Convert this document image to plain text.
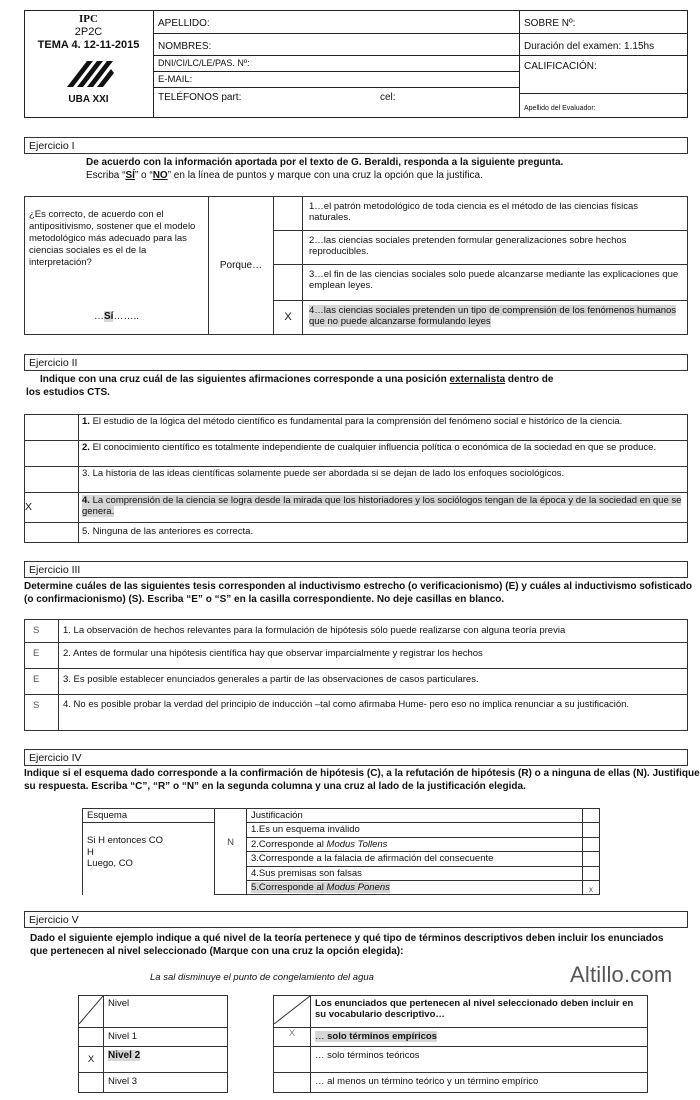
IPC
2P2C
TEMA 4. 12-11-2015
UBA XXI
APELLIDO:
NOMBRES:
DNI/CI/LC/LE/PAS. Nº:
E-MAIL:
TELÉFONOS part:	cel:
SOBRE Nº:
Duración del examen: 1.15hs
CALIFICACIÓN:
Apellido del Evaluador:
Ejercicio I
De acuerdo con la información aportada por el texto de G. Beraldi, responda a la siguiente pregunta.
Escriba “SÍ” o “NO” en la línea de puntos y marque con una cruz la opción que la justifica.
¿Es correcto, de acuerdo con el antipositivismo, sostener que el modelo metodológico más adecuado para las ciencias sociales es el de la interpretación?	Porque…		1…el patrón metodológico de toda ciencia es el método de las ciencias físicas naturales.
			2…las ciencias sociales pretenden formular generalizaciones sobre hechos reproducibles.
			3…el fin de las ciencias sociales solo puede alcanzarse mediante las explicaciones que emplean leyes.
…Sí……..		X	4…las ciencias sociales pretenden un tipo de comprensión de los fenómenos humanos que no puede alcanzarse formulando leyes
Ejercicio II
Indique con una cruz cuál de las siguientes afirmaciones corresponde a una posición externalista dentro de
los estudios CTS.
	1. El estudio de la lógica del método científico es fundamental para la comprensión del fenómeno social e histórico de la ciencia.
	2. El conocimiento científico es totalmente independiente de cualquier influencia política o económica de la sociedad en que se produce.
	3. La historia de las ideas científicas solamente puede ser abordada si se dejan de lado los enfoques sociológicos.
X	4. La comprensión de la ciencia se logra desde la mirada que los historiadores y los sociólogos tengan de la época y de la sociedad en que se genera.
	5. Ninguna de las anteriores es correcta.
Ejercicio III
Determine cuáles de las siguientes tesis corresponden al inductivismo estrecho (o verificacionismo) (E) y cuáles al inductivismo sofisticado (o confirmacionismo) (S). Escriba “E” o “S” en la casilla correspondiente. No deje casillas en blanco.
S	1. La observación de hechos relevantes para la formulación de hipótesis sólo puede realizarse con alguna teoría previa
E	2. Antes de formular una hipótesis científica hay que observar imparcialmente y registrar los hechos
E	3. Es posible establecer enunciados generales a partir de las observaciones de casos particulares.
S	4. No es posible probar la verdad del principio de inducción –tal como afirmaba Hume- pero eso no implica renunciar a su justificación.
Ejercicio IV
Indique si el esquema dado corresponde a la confirmación de hipótesis (C), a la refutación de hipótesis (R) o a ninguna de ellas (N). Justifique su respuesta. Escriba “C”, “R” o “N” en la segunda columna y una cruz al lado de la justificación elegida.
Esquema		Justificación	

Si H entonces CO
H
Luego, CO	N	1.Es un esquema inválido	
		2.Corresponde al Modus Tollens	
		3.Corresponde a la falacia de afirmación del consecuente	
		4.Sus premisas son falsas	
		5.Corresponde al Modus Ponens	x
Ejercicio V
Dado el siguiente ejemplo indique a qué nivel de la teoría pertenece y qué tipo de términos descriptivos deben incluir los enunciados que pertenecen al nivel seleccionado (Marque con una cruz la opción elegida):
La sal disminuye el punto de congelamiento del agua	Altillo.com
	Nivel			Los enunciados que pertenecen al nivel seleccionado deben incluir en su vocabulario descriptivo…
	Nivel 1		X	… solo términos empíricos
X	Nivel 2			… solo términos teóricos
	Nivel 3			… al menos un término teórico y un término empírico
